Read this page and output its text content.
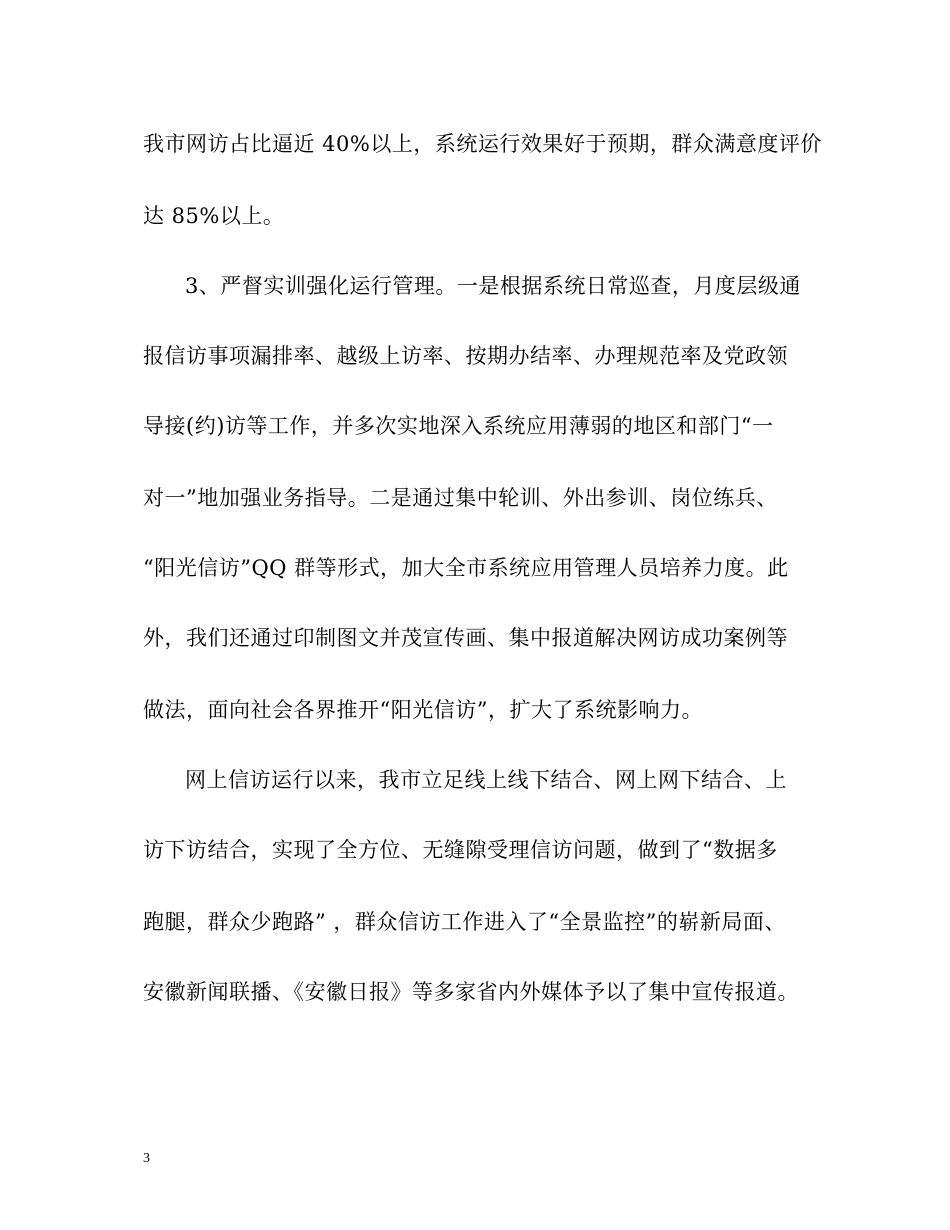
我市网访占比逼近 40%以上，系统运行效果好于预期，群众满意度评价
达 85%以上。
3、严督实训强化运行管理。一是根据系统日常巡查，月度层级通
报信访事项漏排率、越级上访率、按期办结率、办理规范率及党政领
导接(约)访等工作，并多次实地深入系统应用薄弱的地区和部门“一
对一”地加强业务指导。二是通过集中轮训、外出参训、岗位练兵、
“阳光信访”QQ 群等形式，加大全市系统应用管理人员培养力度。此
外，我们还通过印制图文并茂宣传画、集中报道解决网访成功案例等
做法，面向社会各界推开“阳光信访”，扩大了系统影响力。
网上信访运行以来，我市立足线上线下结合、网上网下结合、上
访下访结合，实现了全方位、无缝隙受理信访问题，做到了“数据多
跑腿，群众少跑路” ，群众信访工作进入了“全景监控”的崭新局面、
安徽新闻联播、《安徽日报》等多家省内外媒体予以了集中宣传报道。
3
